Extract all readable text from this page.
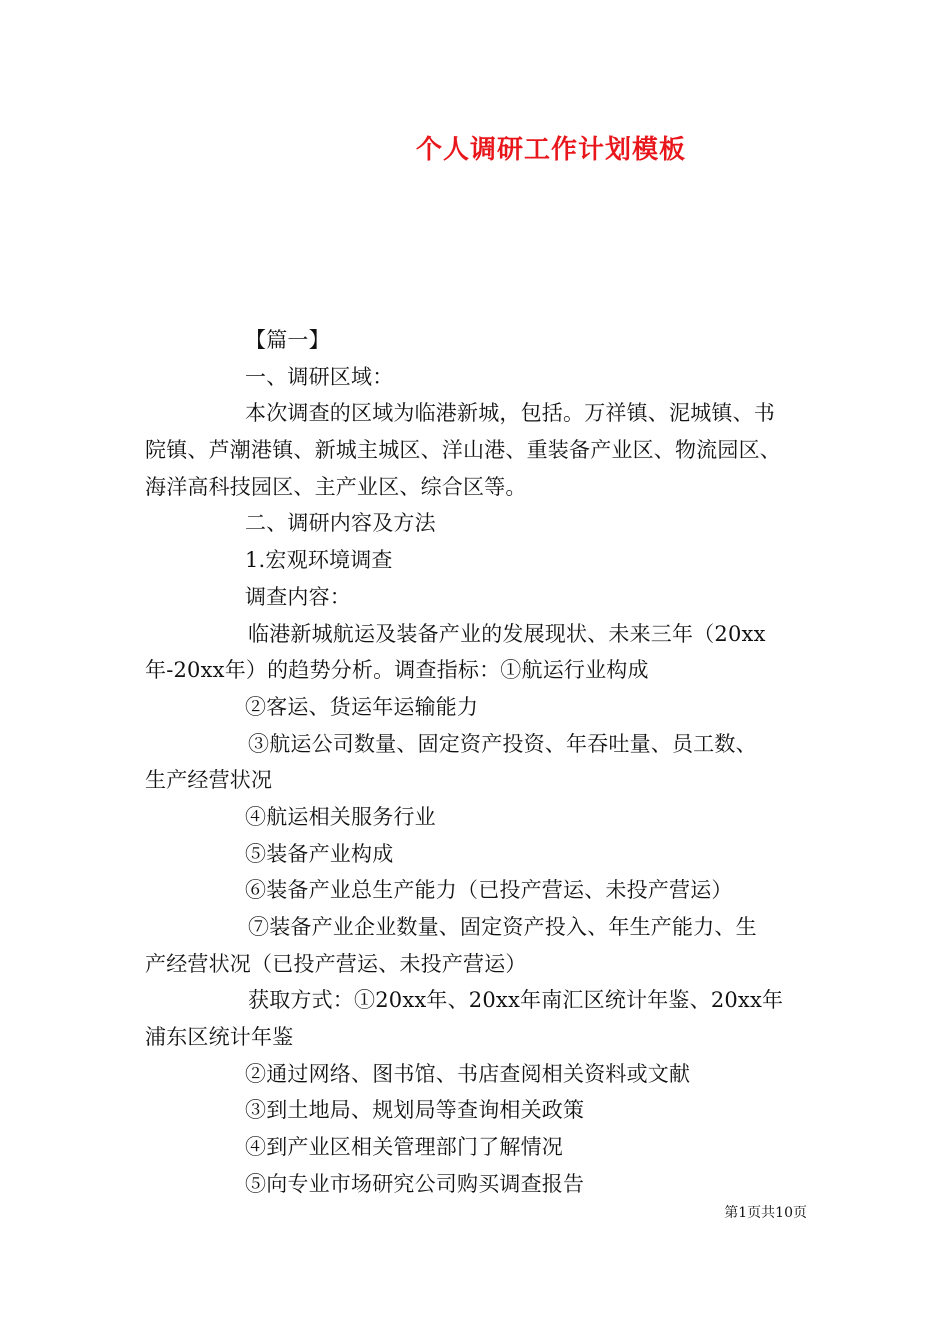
个人调研工作计划模板
【篇一】
一、调研区域：
本次调查的区域为临港新城，包括。万祥镇、泥城镇、书
院镇、芦潮港镇、新城主城区、洋山港、重装备产业区、物流园区、
海洋高科技园区、主产业区、综合区等。
二、调研内容及方法
1.宏观环境调查
调查内容：
临港新城航运及装备产业的发展现状、未来三年（20xx
年-20xx年）的趋势分析。调查指标：①航运行业构成
②客运、货运年运输能力
③航运公司数量、固定资产投资、年吞吐量、员工数、
生产经营状况
④航运相关服务行业
⑤装备产业构成
⑥装备产业总生产能力（已投产营运、未投产营运）
⑦装备产业企业数量、固定资产投入、年生产能力、生
产经营状况（已投产营运、未投产营运）
获取方式：①20xx年、20xx年南汇区统计年鉴、20xx年
浦东区统计年鉴
②通过网络、图书馆、书店查阅相关资料或文献
③到土地局、规划局等查询相关政策
④到产业区相关管理部门了解情况
⑤向专业市场研究公司购买调查报告
第1页共10页
